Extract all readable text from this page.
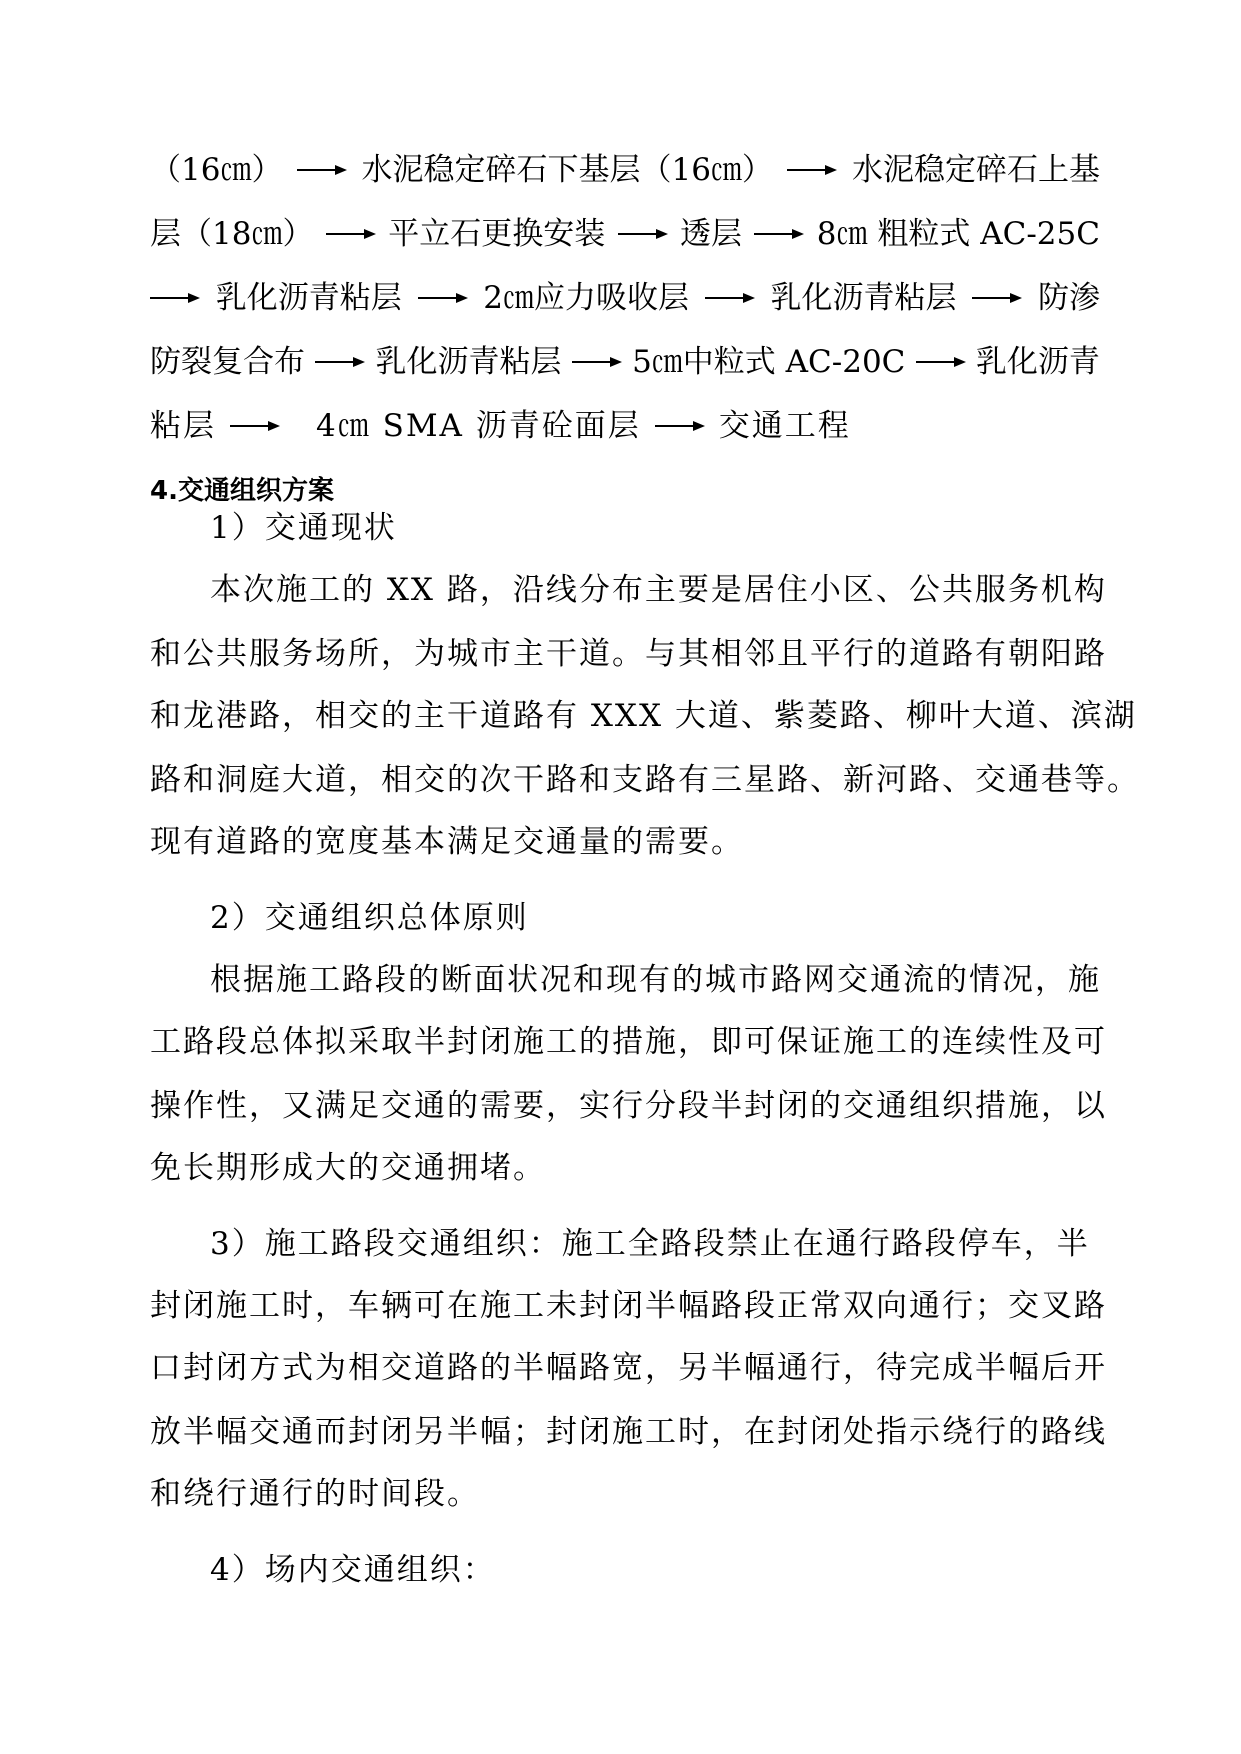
（16㎝）	水泥稳定碎石下基层（16㎝）	水泥稳定碎石上基
层（18㎝） 平立石更换安装 透层 8㎝ 粗粒式 AC-25C
乳化沥青粘层	2㎝应力吸收层	乳化沥青粘层	防渗
防裂复合布 乳化沥青粘层 5㎝中粒式 AC-20C 乳化沥青
粘层	4㎝ SMA 沥青砼面层	交通工程
4.交通组织方案
1）交通现状
本次施工的 XX 路，沿线分布主要是居住小区、公共服务机构
和公共服务场所，为城市主干道。与其相邻且平行的道路有朝阳路
和龙港路，相交的主干道路有 XXX 大道、紫菱路、柳叶大道、滨湖
路和洞庭大道，相交的次干路和支路有三星路、新河路、交通巷等。
现有道路的宽度基本满足交通量的需要。
2）交通组织总体原则
根据施工路段的断面状况和现有的城市路网交通流的情况，施
工路段总体拟采取半封闭施工的措施，即可保证施工的连续性及可
操作性，又满足交通的需要，实行分段半封闭的交通组织措施，以
免长期形成大的交通拥堵。
3）施工路段交通组织：施工全路段禁止在通行路段停车，半
封闭施工时，车辆可在施工未封闭半幅路段正常双向通行；交叉路
口封闭方式为相交道路的半幅路宽，另半幅通行，待完成半幅后开
放半幅交通而封闭另半幅；封闭施工时，在封闭处指示绕行的路线
和绕行通行的时间段。
4）场内交通组织：
